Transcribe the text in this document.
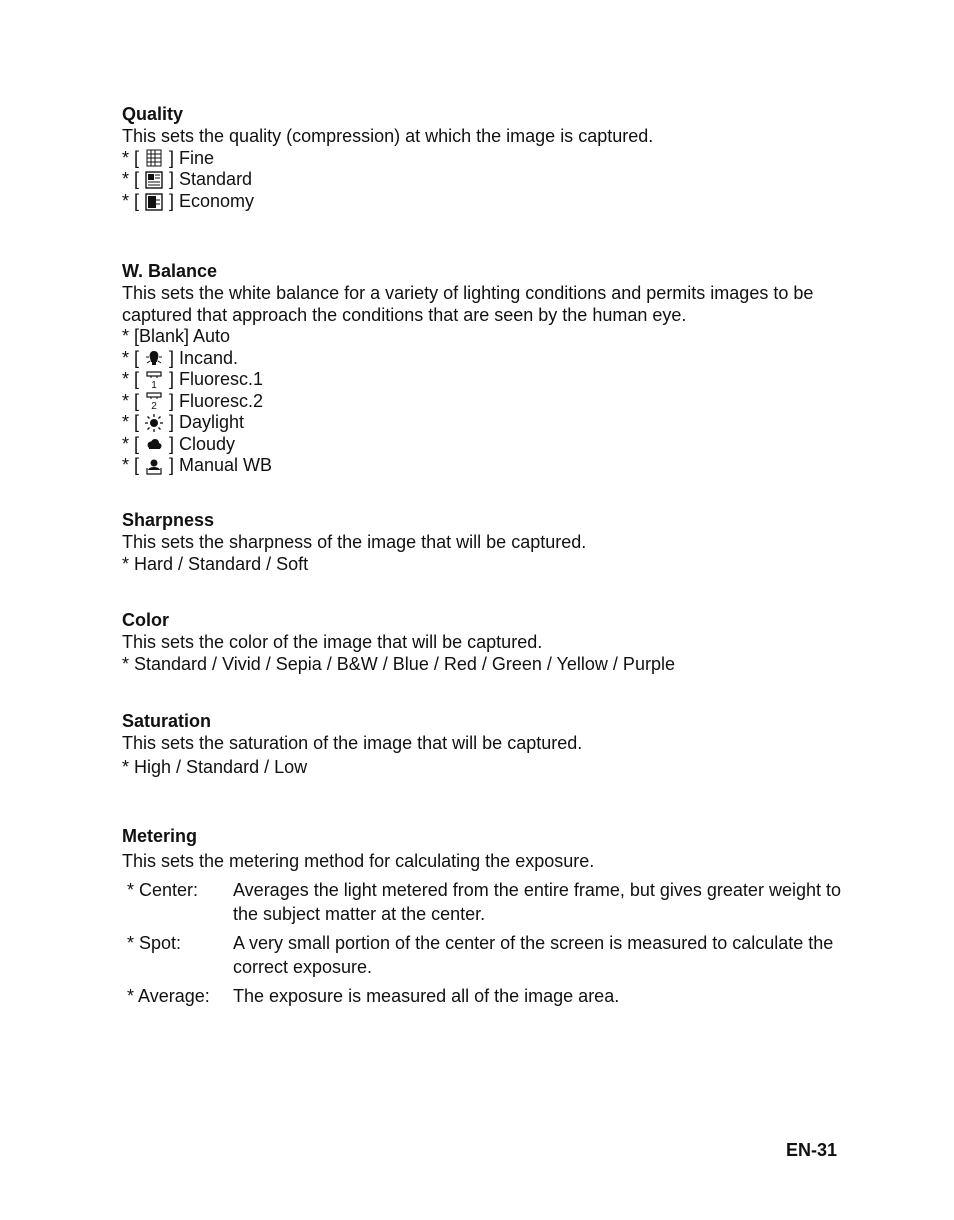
Quality
This sets the quality (compression) at which the image is captured.
* [ ] Fine
* [ ] Standard
* [ ] Economy
W. Balance
This sets the white balance for a variety of lighting conditions and permits images to be captured that approach the conditions that are seen by the human eye.
* [Blank] Auto
* [ ] Incand.
* [ 1 ] Fluoresc.1
* [ 2 ] Fluoresc.2
* [ ] Daylight
* [ ] Cloudy
* [ ] Manual WB
Sharpness
This sets the sharpness of the image that will be captured.
* Hard / Standard / Soft
Color
This sets the color of the image that will be captured.
* Standard / Vivid / Sepia / B&W / Blue / Red / Green / Yellow / Purple
Saturation
This sets the saturation of the image that will be captured.
* High / Standard / Low
Metering
This sets the metering method for calculating the exposure.
* Center:	Averages the light metered from the entire frame, but gives greater weight to the subject matter at the center.
* Spot:	A very small portion of the center of the screen is measured to calculate the correct exposure.
* Average:	The exposure is measured all of the image area.
EN-31
